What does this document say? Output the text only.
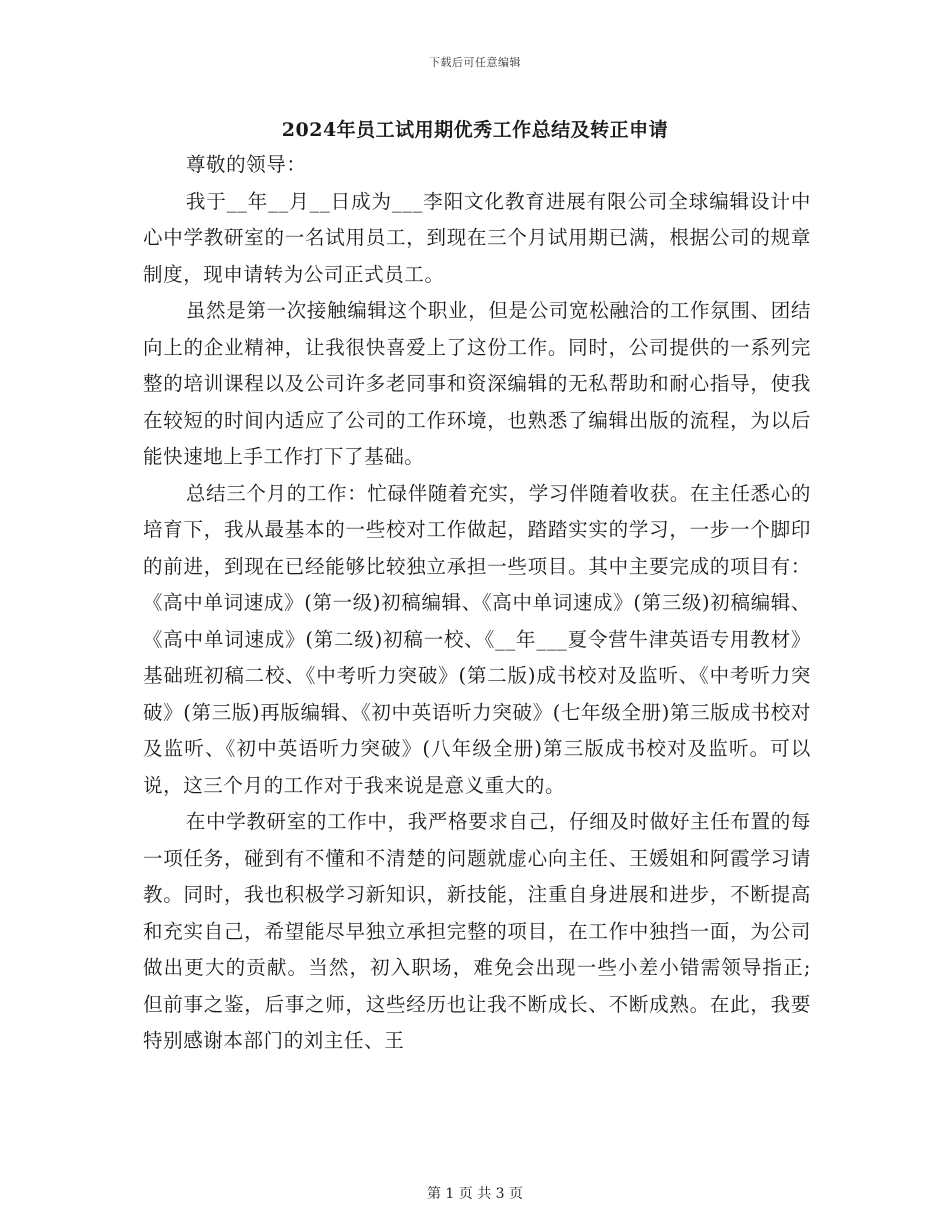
下载后可任意编辑
2024年员工试用期优秀工作总结及转正申请

尊敬的领导：

我于__年__月__日成为___李阳文化教育进展有限公司全球编辑设计中心中学教研室的一名试用员工，到现在三个月试用期已满，根据公司的规章制度，现申请转为公司正式员工。

虽然是第一次接触编辑这个职业，但是公司宽松融洽的工作氛围、团结向上的企业精神，让我很快喜爱上了这份工作。同时，公司提供的一系列完整的培训课程以及公司许多老同事和资深编辑的无私帮助和耐心指导，使我在较短的时间内适应了公司的工作环境，也熟悉了编辑出版的流程，为以后能快速地上手工作打下了基础。

总结三个月的工作：忙碌伴随着充实，学习伴随着收获。在主任悉心的培育下，我从最基本的一些校对工作做起，踏踏实实的学习，一步一个脚印的前进，到现在已经能够比较独立承担一些项目。其中主要完成的项目有：《高中单词速成》(第一级)初稿编辑、《高中单词速成》(第三级)初稿编辑、《高中单词速成》(第二级)初稿一校、《__年___夏令营牛津英语专用教材》基础班初稿二校、《中考听力突破》(第二版)成书校对及监听、《中考听力突破》(第三版)再版编辑、《初中英语听力突破》(七年级全册)第三版成书校对及监听、《初中英语听力突破》(八年级全册)第三版成书校对及监听。可以说，这三个月的工作对于我来说是意义重大的。

在中学教研室的工作中，我严格要求自己，仔细及时做好主任布置的每一项任务，碰到有不懂和不清楚的问题就虚心向主任、王媛姐和阿霞学习请教。同时，我也积极学习新知识，新技能，注重自身进展和进步，不断提高和充实自己，希望能尽早独立承担完整的项目，在工作中独挡一面，为公司做出更大的贡献。当然，初入职场，难免会出现一些小差小错需领导指正;但前事之鉴，后事之师，这些经历也让我不断成长、不断成熟。在此，我要特别感谢本部门的刘主任、王

第 1 页 共 3 页
